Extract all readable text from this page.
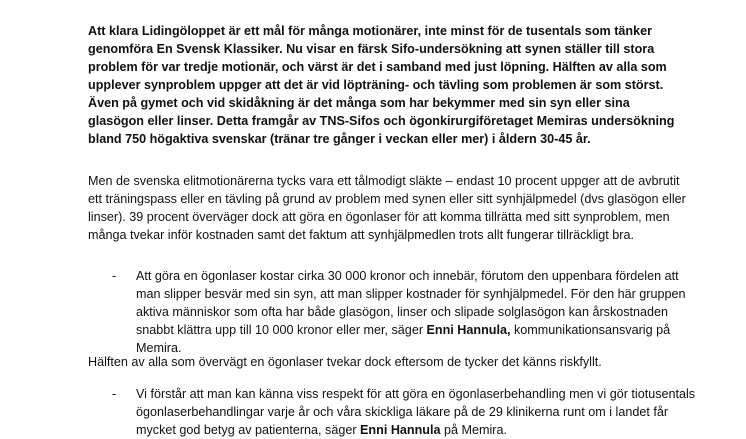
Att klara Lidingöloppet är ett mål för många motionärer, inte minst för de tusentals som tänker genomföra En Svensk Klassiker. Nu visar en färsk Sifo-undersökning att synen ställer till stora problem för var tredje motionär, och värst är det i samband med just löpning. Hälften av alla som upplever synproblem uppger att det är vid löpträning- och tävling som problemen är som störst. Även på gymet och vid skidåkning är det många som har bekymmer med sin syn eller sina glasögon eller linser. Detta framgår av TNS-Sifos och ögonkirurgiföretaget Memiras undersökning bland 750 högaktiva svenskar (tränar tre gånger i veckan eller mer) i åldern 30-45 år.

Men de svenska elitmotionärerna tycks vara ett tålmodigt släkte – endast 10 procent uppger att de avbrutit ett träningspass eller en tävling på grund av problem med synen eller sitt synhjälpmedel (dvs glasögon eller linser). 39 procent överväger dock att göra en ögonlaser för att komma tillrätta med sitt synproblem, men många tvekar inför kostnaden samt det faktum att synhjälpmedlen trots allt fungerar tillräckligt bra.

- Att göra en ögonlaser kostar cirka 30 000 kronor och innebär, förutom den uppenbara fördelen att man slipper besvär med sin syn, att man slipper kostnader för synhjälpmedel. För den här gruppen aktiva människor som ofta har både glasögon, linser och slipade solglasögon kan årskostnaden snabbt klättra upp till 10 000 kronor eller mer, säger Enni Hannula, kommunikationsansvarig på Memira.

Hälften av alla som övervägt en ögonlaser tvekar dock eftersom de tycker det känns riskfyllt.

- Vi förstår att man kan känna viss respekt för att göra en ögonlaserbehandling men vi gör tiotusentals ögonlaserbehandlingar varje år och våra skickliga läkare på de 29 klinikerna runt om i landet får mycket god betyg av patienterna, säger Enni Hannula på Memira.
